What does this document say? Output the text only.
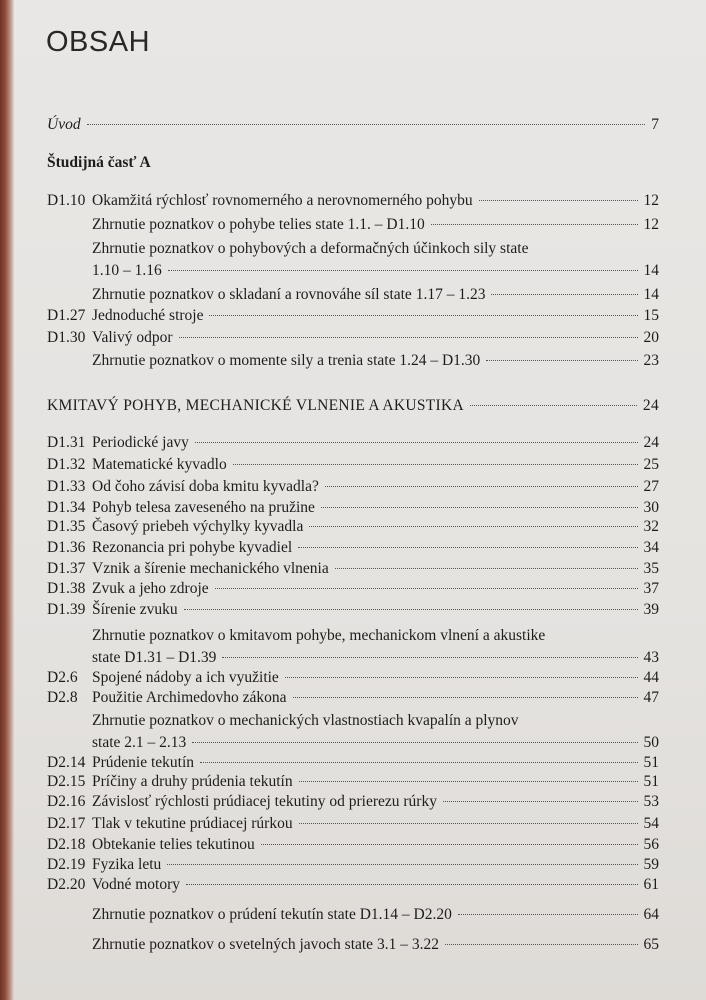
OBSAH
Úvod	7
Študijná časť A
D1.10 Okamžitá rýchlosť rovnomerného a nerovnomerného pohybu	12
Zhrnutie poznatkov o pohybe telies state 1.1. – D1.10	12
Zhrnutie poznatkov o pohybových a deformačných účinkoch sily state
1.10 – 1.16	14
Zhrnutie poznatkov o skladaní a rovnováhe síl state 1.17 – 1.23	14
D1.27 Jednoduché stroje	15
D1.30 Valivý odpor	20
Zhrnutie poznatkov o momente sily a trenia state 1.24 – D1.30	23
KMITAVÝ POHYB, MECHANICKÉ VLNENIE A AKUSTIKA	24
D1.31 Periodické javy	24
D1.32 Matematické kyvadlo	25
D1.33 Od čoho závisí doba kmitu kyvadla?	27
D1.34 Pohyb telesa zaveseného na pružine	30
D1.35 Časový priebeh výchylky kyvadla	32
D1.36 Rezonancia pri pohybe kyvadiel	34
D1.37 Vznik a šírenie mechanického vlnenia	35
D1.38 Zvuk a jeho zdroje	37
D1.39 Šírenie zvuku	39
Zhrnutie poznatkov o kmitavom pohybe, mechanickom vlnení a akustike
state D1.31 – D1.39	43
D2.6 Spojené nádoby a ich využitie	44
D2.8 Použitie Archimedovho zákona	47
Zhrnutie poznatkov o mechanických vlastnostiach kvapalín a plynov
state 2.1 – 2.13	50
D2.14 Prúdenie tekutín	51
D2.15 Príčiny a druhy prúdenia tekutín	51
D2.16 Závislosť rýchlosti prúdiacej tekutiny od prierezu rúrky	53
D2.17 Tlak v tekutine prúdiacej rúrkou	54
D2.18 Obtekanie telies tekutinou	56
D2.19 Fyzika letu	59
D2.20 Vodné motory	61
Zhrnutie poznatkov o prúdení tekutín state D1.14 – D2.20	64
Zhrnutie poznatkov o svetelných javoch state 3.1 – 3.22	65
